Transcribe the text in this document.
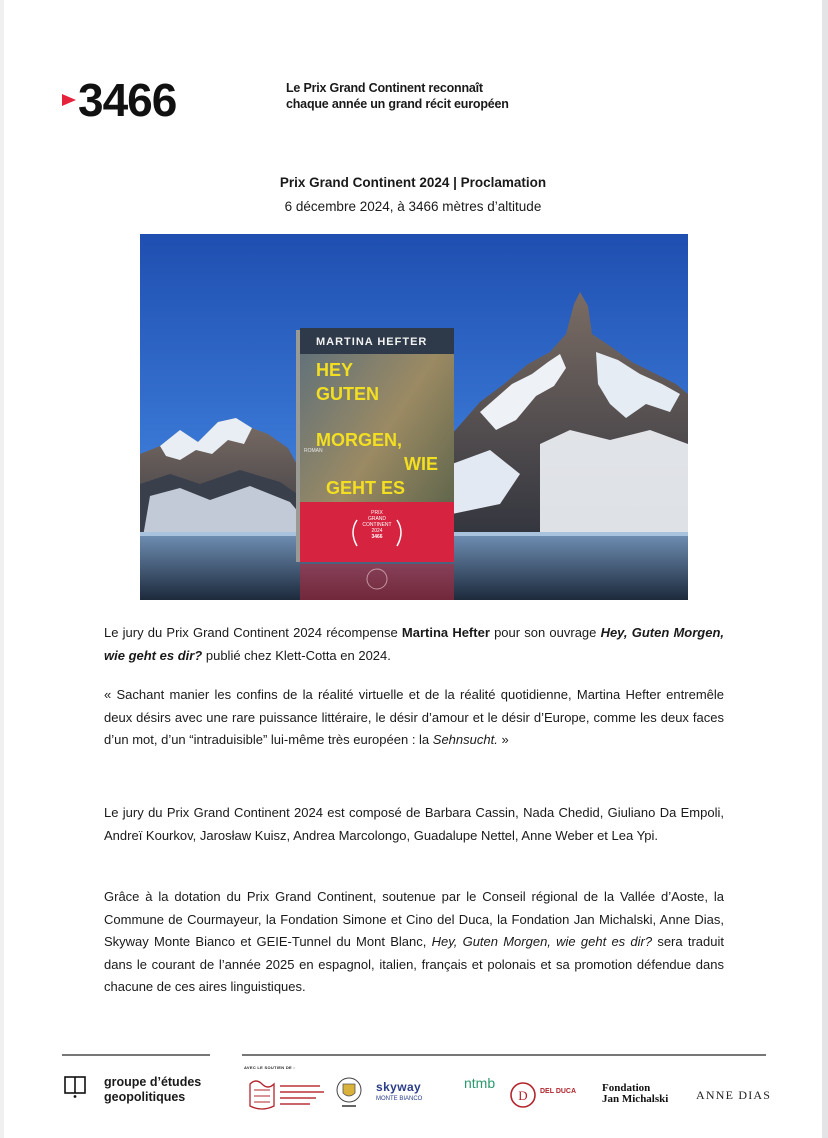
3466	Le Prix Grand Continent reconnaît
chaque année un grand récit européen
Prix Grand Continent 2024 | Proclamation
6 décembre 2024, à 3466 mètres d’altitude
MARTINA HEFTER
HEY
GUTEN
MORGEN,
WIE
GEHT ES
ROMAN
PRIX
GRAND
CONTINENT
2024
3466
Le jury du Prix Grand Continent 2024 récompense Martina Hefter pour son ouvrage Hey, Guten Morgen, wie geht es dir? publié chez Klett-Cotta en 2024.
« Sachant manier les confins de la réalité virtuelle et de la réalité quotidienne, Martina Hefter entremêle deux désirs avec une rare puissance littéraire, le désir d’amour et le désir d’Europe, comme les deux faces d’un mot, d’un “intraduisible” lui-même très européen : la Sehnsucht. »
Le jury du Prix Grand Continent 2024 est composé de Barbara Cassin, Nada Chedid, Giuliano Da Empoli, Andreï Kourkov, Jarosław Kuisz, Andrea Marcolongo, Guadalupe Nettel, Anne Weber et Lea Ypi.
Grâce à la dotation du Prix Grand Continent, soutenue par le Conseil régional de la Vallée d’Aoste, la Commune de Courmayeur, la Fondation Simone et Cino del Duca, la Fondation Jan Michalski, Anne Dias, Skyway Monte Bianco et GEIE-Tunnel du Mont Blanc, Hey, Guten Morgen, wie geht es dir? sera traduit dans le courant de l’année 2025 en espagnol, italien, français et polonais et sa promotion défendue dans chacune de ces aires linguistiques.
groupe d’études
geopolitiques
AVEC LE SOUTIEN DE :
skyway
MONTE BIANCO
ntmb
D DEL DUCA Fondation
Jan Michalski ANNE DIAS
